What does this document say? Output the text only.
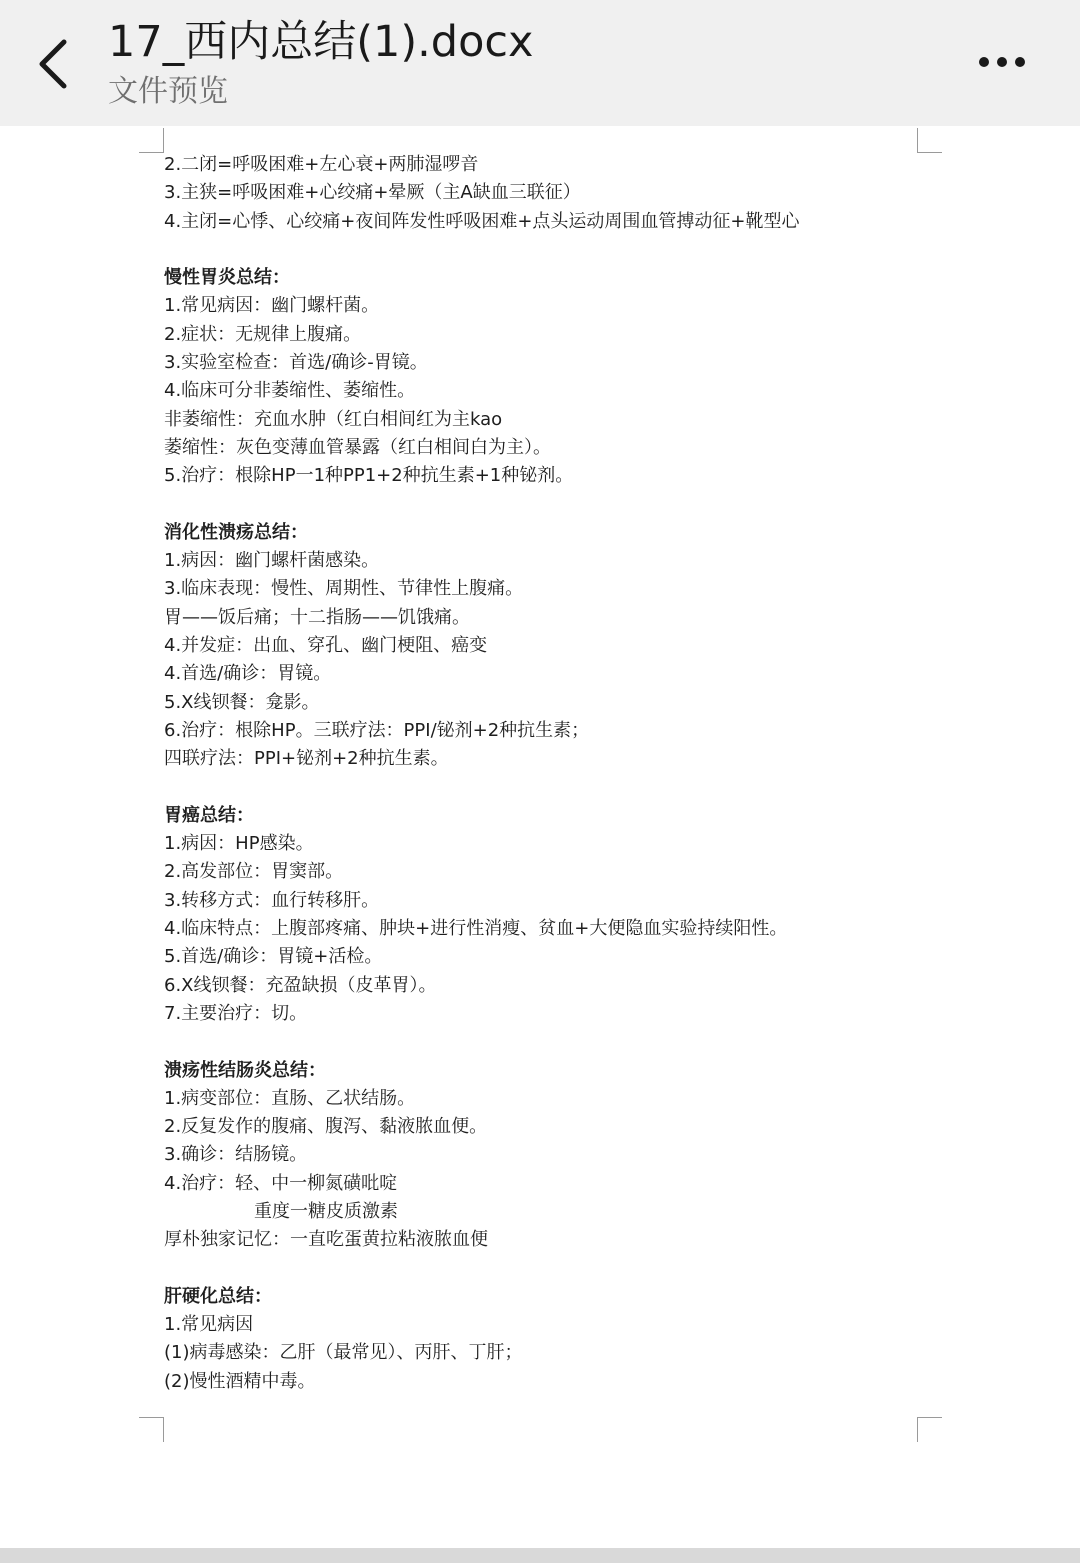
17_西内总结(1).docx
文件预览
2.二闭=呼吸困难+左心衰+两肺湿啰音
3.主狭=呼吸困难+心绞痛+晕厥（主A缺血三联征）
4.主闭=心悸、心绞痛+夜间阵发性呼吸困难+点头运动周围血管搏动征+靴型心
慢性胃炎总结：
1.常见病因：幽门螺杆菌。
2.症状：无规律上腹痛。
3.实验室检查：首选/确诊-胃镜。
4.临床可分非萎缩性、萎缩性。
非萎缩性：充血水肿（红白相间红为主kao
萎缩性：灰色变薄血管暴露（红白相间白为主）。
5.治疗：根除HP一1种PP1+2种抗生素+1种铋剂。
消化性溃疡总结：
1.病因：幽门螺杆菌感染。
3.临床表现：慢性、周期性、节律性上腹痛。
胃——饭后痛；十二指肠——饥饿痛。
4.并发症：出血、穿孔、幽门梗阻、癌变
4.首选/确诊：胃镜。
5.X线钡餐：龛影。
6.治疗：根除HP。三联疗法：PPI/铋剂+2种抗生素；
四联疗法：PPI+铋剂+2种抗生素。
胃癌总结：
1.病因：HP感染。
2.高发部位：胃窦部。
3.转移方式：血行转移肝。
4.临床特点：上腹部疼痛、肿块+进行性消瘦、贫血+大便隐血实验持续阳性。
5.首选/确诊：胃镜+活检。
6.X线钡餐：充盈缺损（皮革胃）。
7.主要治疗：切。
溃疡性结肠炎总结：
1.病变部位：直肠、乙状结肠。
2.反复发作的腹痛、腹泻、黏液脓血便。
3.确诊：结肠镜。
4.治疗：轻、中一柳氮磺吡啶
重度一糖皮质激素
厚朴独家记忆：一直吃蛋黄拉粘液脓血便
肝硬化总结：
1.常见病因
(1)病毒感染：乙肝（最常见）、丙肝、丁肝；
(2)慢性酒精中毒。
